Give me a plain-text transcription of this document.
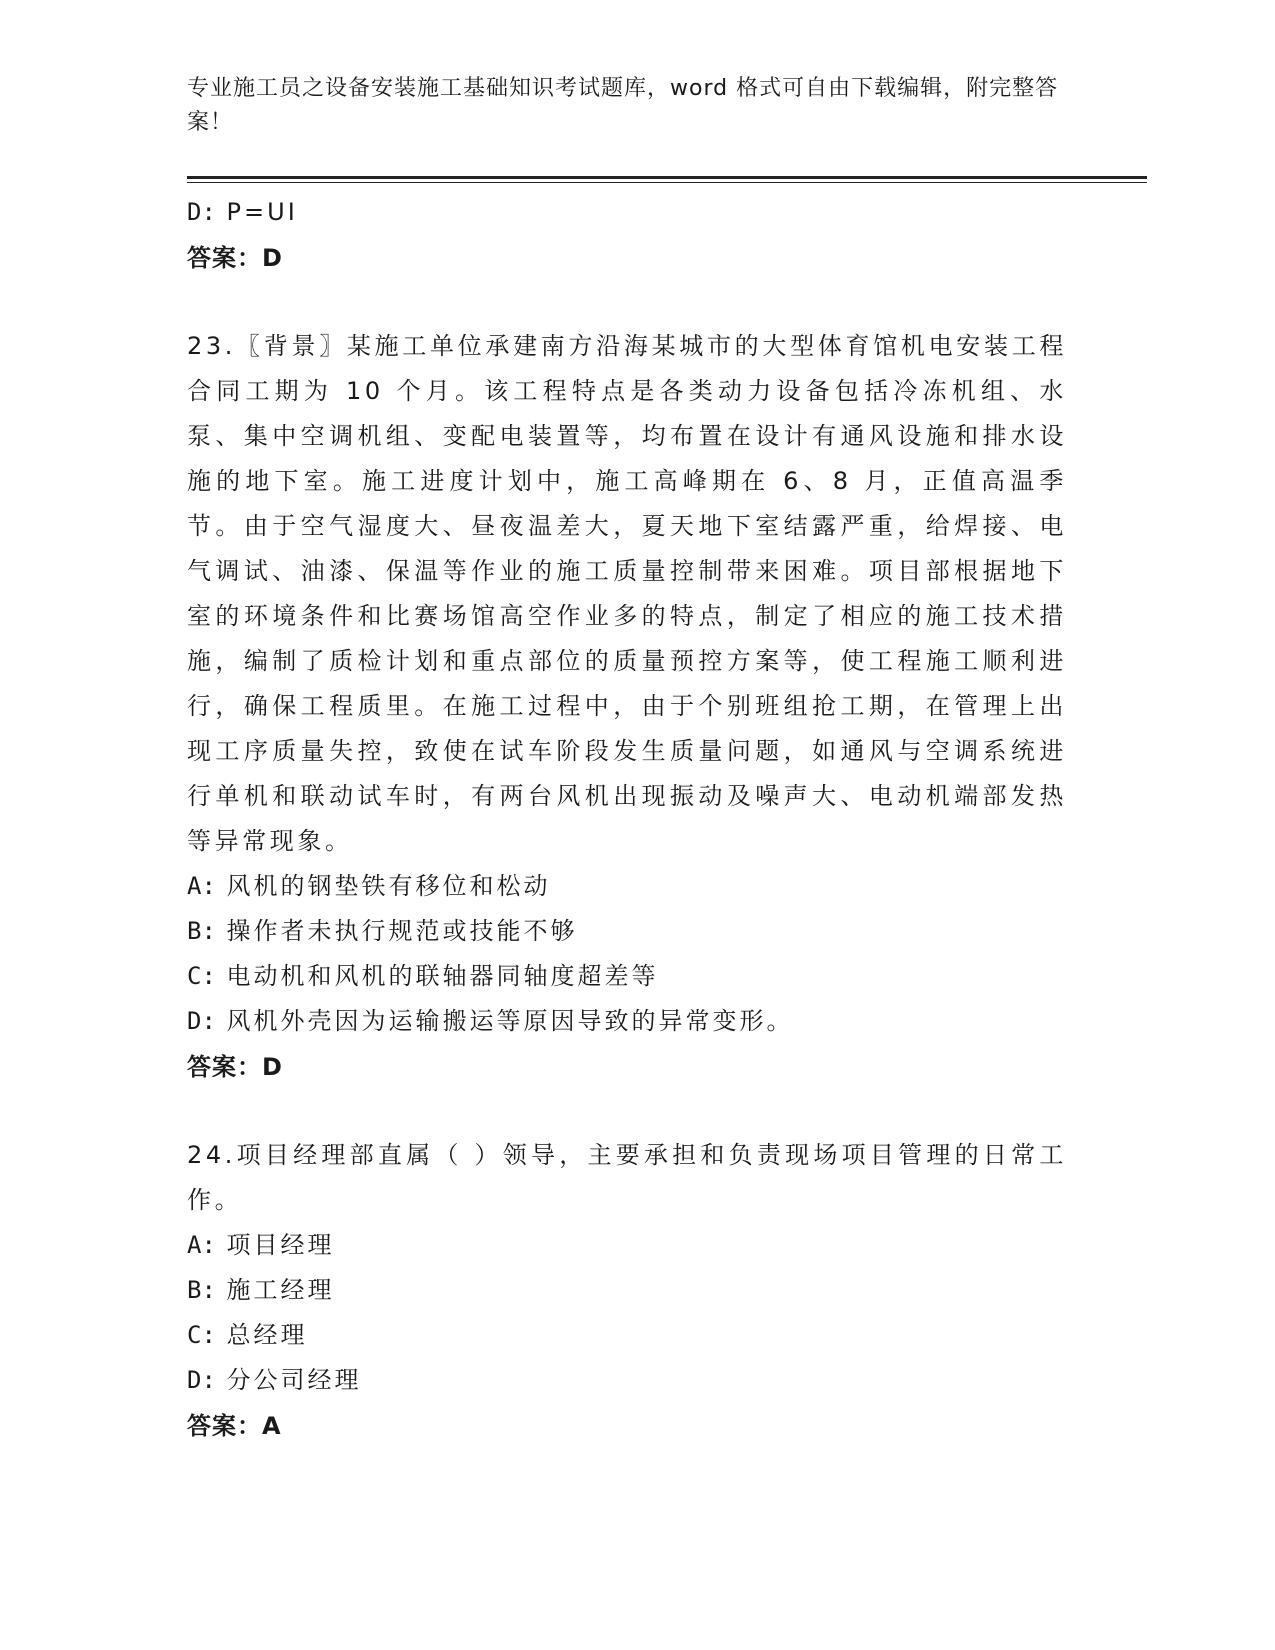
专业施工员之设备安装施工基础知识考试题库，word 格式可自由下载编辑，附完整答案！

D: P=UI

答案：D

23.〖背景〗某施工单位承建南方沿海某城市的大型体育馆机电安装工程合同工期为 10 个月。该工程特点是各类动力设备包括冷冻机组、水泵、集中空调机组、变配电装置等，均布置在设计有通风设施和排水设施的地下室。施工进度计划中，施工高峰期在 6、8 月，正值高温季节。由于空气湿度大、昼夜温差大，夏天地下室结露严重，给焊接、电气调试、油漆、保温等作业的施工质量控制带来困难。项目部根据地下室的环境条件和比赛场馆高空作业多的特点，制定了相应的施工技术措施，编制了质检计划和重点部位的质量预控方案等，使工程施工顺利进行，确保工程质里。在施工过程中，由于个别班组抢工期，在管理上出现工序质量失控，致使在试车阶段发生质量问题，如通风与空调系统进行单机和联动试车时，有两台风机出现振动及噪声大、电动机端部发热等异常现象。

A: 风机的钢垫铁有移位和松动

B: 操作者未执行规范或技能不够

C: 电动机和风机的联轴器同轴度超差等

D: 风机外壳因为运输搬运等原因导致的异常变形。

答案：D

24.项目经理部直属（ ）领导，主要承担和负责现场项目管理的日常工作。

A: 项目经理

B: 施工经理

C: 总经理

D: 分公司经理

答案：A
